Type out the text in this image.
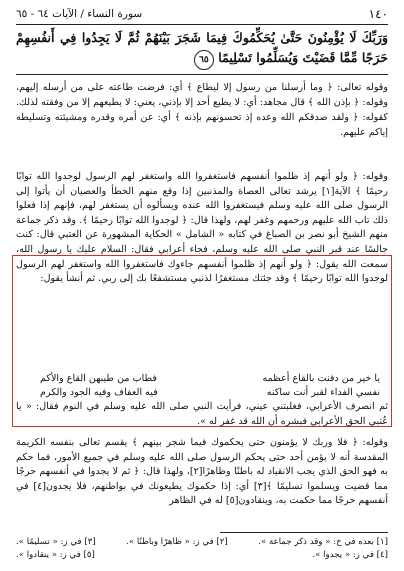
١٤٠
سورة النساء / الآيات ٦٤ - ٦٥
وَرَبِّكَ لَا يُؤْمِنُونَ حَتَّىٰ يُحَكِّمُوكَ فِيمَا شَجَرَ بَيْنَهُمْ ثُمَّ لَا يَجِدُوا فِي أَنفُسِهِمْ حَرَجًا مِّمَّا قَضَيْتَ وَيُسَلِّمُوا تَسْلِيمًا ٦٥
وقوله تعالى: ﴿ وما أرسلنا من رسول إلا ليطاع ﴾ أي: فرضت طاعته على من أرسله إليهم، وقوله: ﴿ بإذن الله ﴾ قال مجاهد: أي: لا يطيع أحد إلا بإذني، يعني: لا يطيعهم إلا من وفقته لذلك. كقوله: ﴿ ولقد صدقكم الله وعده إذ تحسونهم بإذنه ﴾ أي: عن أمره وقدره ومشيئته وتسليطه إياكم عليهم.
وقوله: ﴿ ولو أنهم إذ ظلموا أنفسهم فاستغفروا الله واستغفر لهم الرسول لوجدوا الله توابًا رحيمًا ﴾ الآية[١] يرشد تعالى العصاة والمذنبين إذا وقع منهم الخطأ والعصيان أن يأتوا إلى الرسول صلى الله عليه وسلم فيستغفروا الله عنده ويسألوه أن يستغفر لهم، فإنهم إذا فعلوا ذلك تاب الله عليهم ورحمهم وغفر لهم، ولهذا قال: ﴿ لوجدوا الله توابًا رحيمًا ﴾. وقد ذكر جماعة منهم الشيخ أبو نصر بن الصباغ في كتابه « الشامل » الحكاية المشهورة عن العتبي قال: كنت جالسًا عند قبر النبي صلى الله عليه وسلم، فجاء أعرابي فقال: السلام عليك يا رسول الله، سمعت الله يقول: ﴿ ولو أنهم إذ ظلموا أنفسهم جاءوك فاستغفروا الله واستغفر لهم الرسول لوجدوا الله توابًا رحيمًا ﴾ وقد جئتك مستغفرًا لذنبي مستشفعًا بك إلى ربي. ثم أنشأ يقول:
يا خير من دفنت بالقاع أعظمه
فطاب من طيبهن القاع والأكم
نفسي الفداء لقبر أنت ساكنه
فيه العفاف وفيه الجود والكرم
ثم انصرف الأعرابي، فغلبتني عيني، فرأيت النبي صلى الله عليه وسلم في النوم فقال: « يا عُتبي الحق الأعرابي فبشره أن الله قد غفر له ».
وقوله: ﴿ فلا وربك لا يؤمنون حتى يحكموك فيما شجر بينهم ﴾ يقسم تعالى بنفسه الكريمة المقدسة أنه لا يؤمن أحد حتى يحكم الرسول صلى الله عليه وسلم في جميع الأمور، فما حكم به فهو الحق الذي يجب الانقياد له باطنًا وظاهرًا[٢]، ولهذا قال: ﴿ ثم لا يجدوا في أنفسهم حرجًا مما قضيت ويسلموا تسليمًا ﴾[٣] أي: إذا حكموك يطيعونك في بواطنهم، فلا يجدون[٤] في أنفسهم حرجًا مما حكمت به، وينقادون[٥] له في الظاهر
[١] بعده في خ: « وقد ذكر جماعة ».
[٢] في ز: « ظاهرًا وباطنًا ».
[٣] في ز: « تسليمًا ».
[٤] في ز: « يجدوا ».
[٥] في ز: « ينقادوا ».
